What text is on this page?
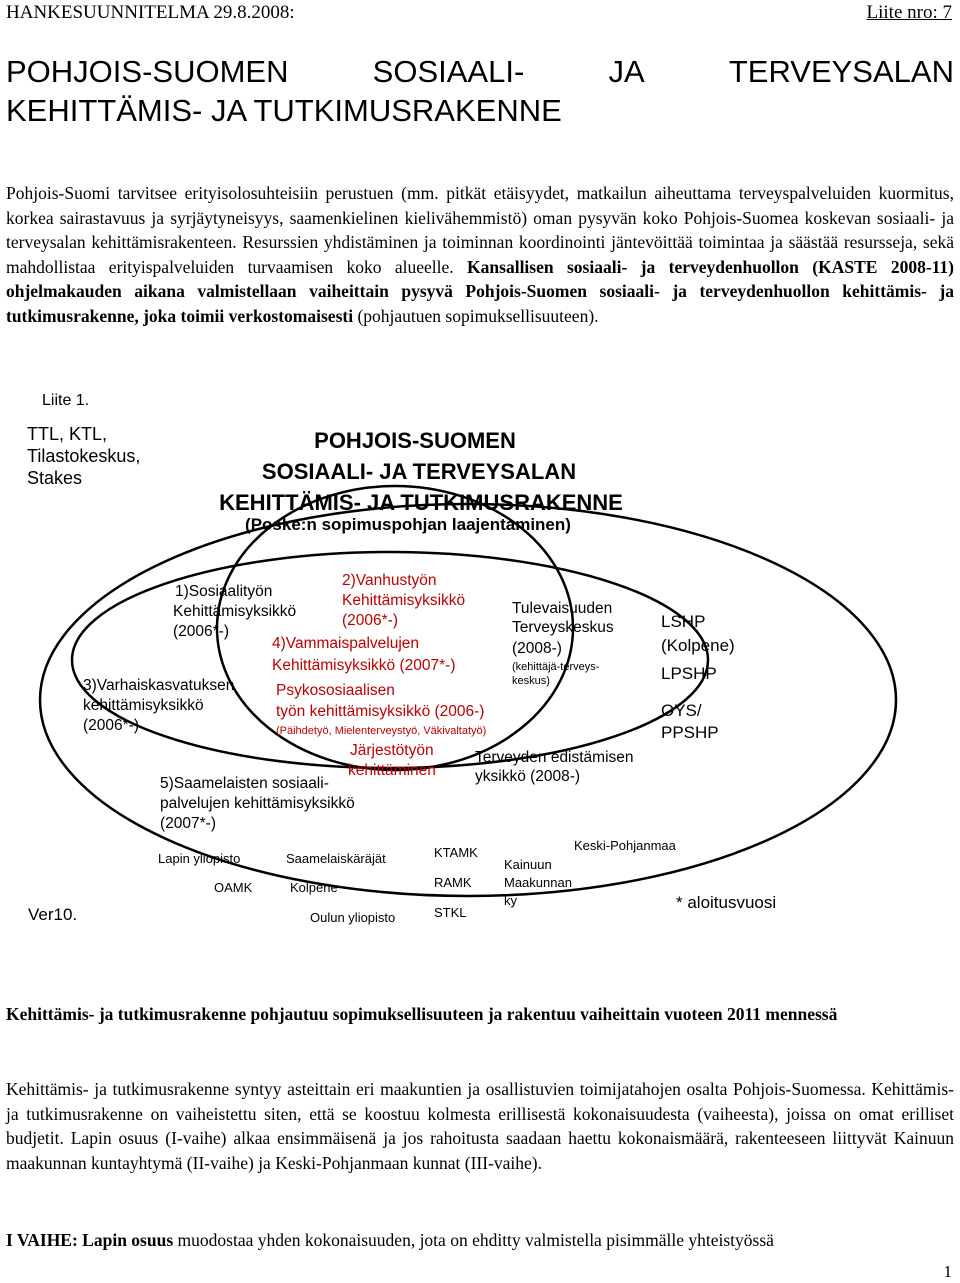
HANKESUUNNITELMA 29.8.2008:	Liite nro: 7
POHJOIS-SUOMEN	SOSIAALI-	JA	TERVEYSALAN
KEHITTÄMIS- JA TUTKIMUSRAKENNE
Pohjois-Suomi tarvitsee erityisolosuhteisiin perustuen (mm. pitkät etäisyydet, matkailun aiheuttama terveyspalveluiden kuormitus, korkea sairastavuus ja syrjäytyneisyys, saamenkielinen kielivähemmistö) oman pysyvän koko Pohjois-Suomea koskevan sosiaali- ja terveysalan kehittämisrakenteen. Resurssien yhdistäminen ja toiminnan koordinointi jäntevöittää toimintaa ja säästää resursseja, sekä mahdollistaa erityispalveluiden turvaamisen koko alueelle. Kansallisen sosiaali- ja terveydenhuollon (KASTE 2008-11) ohjelmakauden aikana valmistellaan vaiheittain pysyvä Pohjois-Suomen sosiaali- ja terveydenhuollon kehittämis- ja tutkimusrakenne, joka toimii verkostomaisesti (pohjautuen sopimuksellisuuteen).
Liite 1.
TTL, KTL,
Tilastokeskus,
Stakes
POHJOIS-SUOMEN
SOSIAALI- JA TERVEYSALAN
KEHITTÄMIS- JA TUTKIMUSRAKENNE
(Poske:n sopimuspohjan laajentaminen)
1)Sosiaalityön
Kehittämisyksikkö
(2006*-)
2)Vanhustyön
Kehittämisyksikkö
(2006*-)
4)Vammaispalvelujen
Kehittämisyksikkö (2007*-)
Psykososiaalisen
työn kehittämisyksikkö (2006-)
(Päihdetyö, Mielenterveystyö, Väkivaltatyö)
Järjestötyön
kehittäminen
3)Varhaiskasvatuksen
kehittämisyksikkö
(2006*-)
5)Saamelaisten sosiaali-
palvelujen kehittämisyksikkö
(2007*-)
Tulevaisuuden
Terveyskeskus
(2008-)
(kehittäjä-terveys-
keskus)
Terveyden edistämisen
yksikkö (2008-)
LSHP
(Kolpene)
LPSHP
OYS/
PPSHP
Lapin yliopisto	Saamelaiskäräjät	KTAMK	Keski-Pohjanmaa
Kainuun
Maakunnan
ky
OAMK	Kolpene	RAMK
STKL
Oulun yliopisto
Ver10.
* aloitusvuosi
Kehittämis- ja tutkimusrakenne pohjautuu sopimuksellisuuteen ja rakentuu vaiheittain vuoteen 2011 mennessä
Kehittämis- ja tutkimusrakenne syntyy asteittain eri maakuntien ja osallistuvien toimijatahojen osalta Pohjois-Suomessa. Kehittämis- ja tutkimusrakenne on vaiheistettu siten, että se koostuu kolmesta erillisestä kokonaisuudesta (vaiheesta), joissa on omat erilliset budjetit. Lapin osuus (I-vaihe) alkaa ensimmäisenä ja jos rahoitusta saadaan haettu kokonaismäärä, rakenteeseen liittyvät Kainuun maakunnan kuntayhtymä (II-vaihe) ja Keski-Pohjanmaan kunnat (III-vaihe).
I VAIHE: Lapin osuus muodostaa yhden kokonaisuuden, jota on ehditty valmistella pisimmälle yhteistyössä
1
